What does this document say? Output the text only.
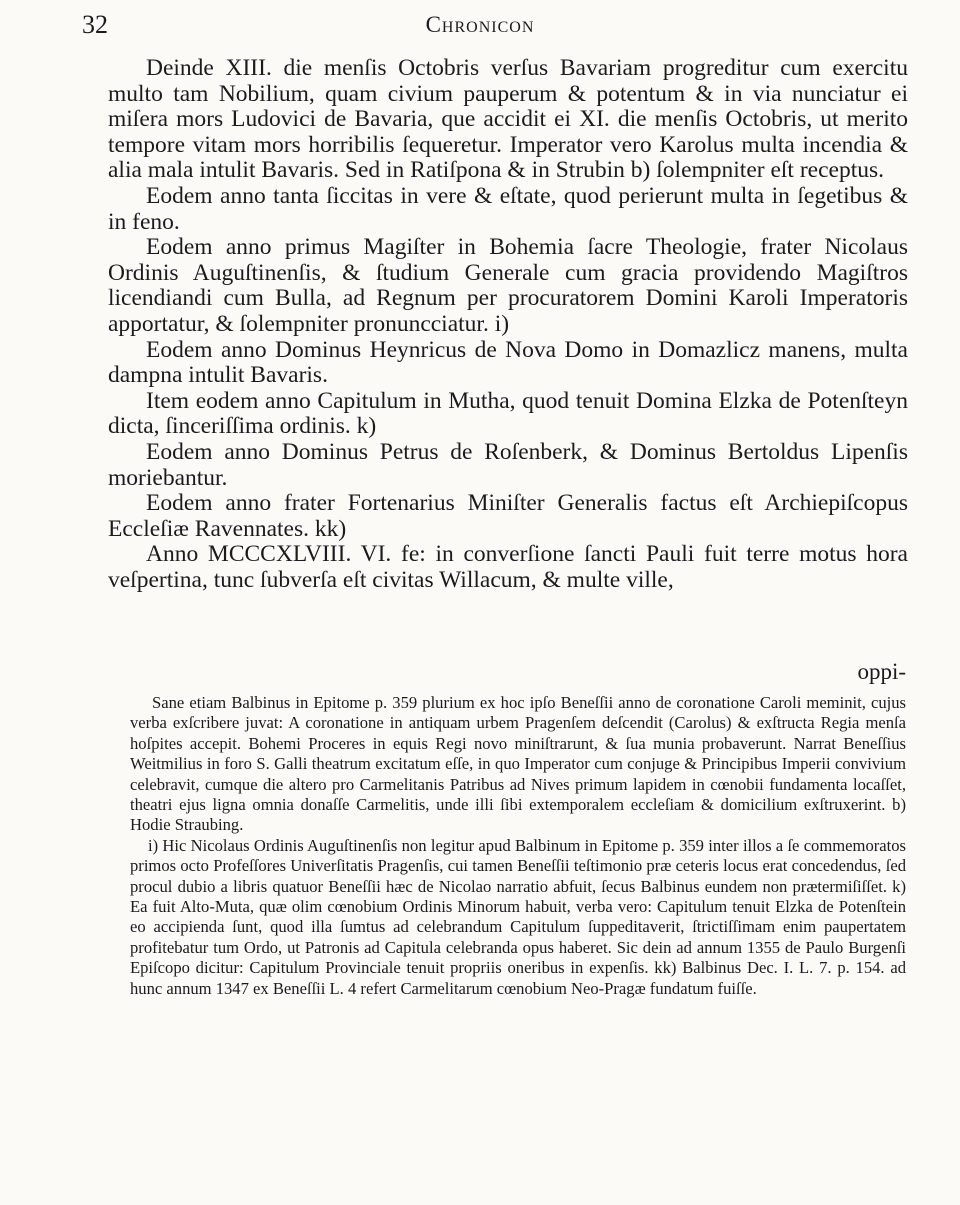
32	Chronicon

Deinde XIII. die menſis Octobris verſus Bavariam progreditur cum exercitu multo tam Nobilium, quam civium pauperum & potentum & in via nunciatur ei miſera mors Ludovici de Bavaria, que accidit ei XI. die menſis Octobris, ut merito tempore vitam mors horribilis ſequeretur. Imperator vero Karolus multa incendia & alia mala intulit Bavaris. Sed in Ratiſpona & in Strubin b) ſolempniter eſt receptus.

Eodem anno tanta ſiccitas in vere & eſtate, quod perierunt multa in ſegetibus & in feno.

Eodem anno primus Magiſter in Bohemia ſacre Theologie, frater Nicolaus Ordinis Auguſtinenſis, & ſtudium Generale cum gracia providendo Magiſtros licendiandi cum Bulla, ad Regnum per procuratorem Domini Karoli Imperatoris apportatur, & ſolempniter pronuncciatur. i)

Eodem anno Dominus Heynricus de Nova Domo in Domazlicz manens, multa dampna intulit Bavaris.

Item eodem anno Capitulum in Mutha, quod tenuit Domina Elzka de Potenſteyn dicta, ſinceriſſima ordinis. k)

Eodem anno Dominus Petrus de Roſenberk, & Dominus Bertoldus Lipenſis moriebantur.

Eodem anno frater Fortenarius Miniſter Generalis factus eſt Archiepiſcopus Eccleſiæ Ravennates. kk)

Anno MCCCXLVIII. VI. fe: in converſione ſancti Pauli fuit terre motus hora veſpertina, tunc ſubverſa eſt civitas Willacum, & multe ville,

oppi-

Sane etiam Balbinus in Epitome p. 359 plurium ex hoc ipſo Beneſſii anno de coronatione Caroli meminit, cujus verba exſcribere juvat: A coronatione in antiquam urbem Pragenſem deſcendit (Carolus) & exſtructa Regia menſa hoſpites accepit. Bohemi Proceres in equis Regi novo miniſtrarunt, & ſua munia probaverunt. Narrat Beneſſius Weitmilius in foro S. Galli theatrum excitatum eſſe, in quo Imperator cum conjuge & Principibus Imperii convivium celebravit, cumque die altero pro Carmelitanis Patribus ad Nives primum lapidem in cœnobii fundamenta locaſſet, theatri ejus ligna omnia donaſſe Carmelitis, unde illi ſibi extemporalem eccleſiam & domicilium exſtruxerint. b) Hodie Straubing.

i) Hic Nicolaus Ordinis Auguſtinenſis non legitur apud Balbinum in Epitome p. 359 inter illos a ſe commemoratos primos octo Profeſſores Univerſitatis Pragenſis, cui tamen Beneſſii teſtimonio præ ceteris locus erat concedendus, ſed procul dubio a libris quatuor Beneſſii hæc de Nicolao narratio abfuit, ſecus Balbinus eundem non prætermiſiſſet. k) Ea fuit Alto-Muta, quæ olim cœnobium Ordinis Minorum habuit, verba vero: Capitulum tenuit Elzka de Potenſtein eo accipienda ſunt, quod illa ſumtus ad celebrandum Capitulum ſuppeditaverit, ſtrictiſſimam enim paupertatem profitebatur tum Ordo, ut Patronis ad Capitula celebranda opus haberet. Sic dein ad annum 1355 de Paulo Burgenſi Epiſcopo dicitur: Capitulum Provinciale tenuit propriis oneribus in expenſis. kk) Balbinus Dec. I. L. 7. p. 154. ad hunc annum 1347 ex Beneſſii L. 4 refert Carmelitarum cœnobium Neo-Pragæ fundatum fuiſſe.
